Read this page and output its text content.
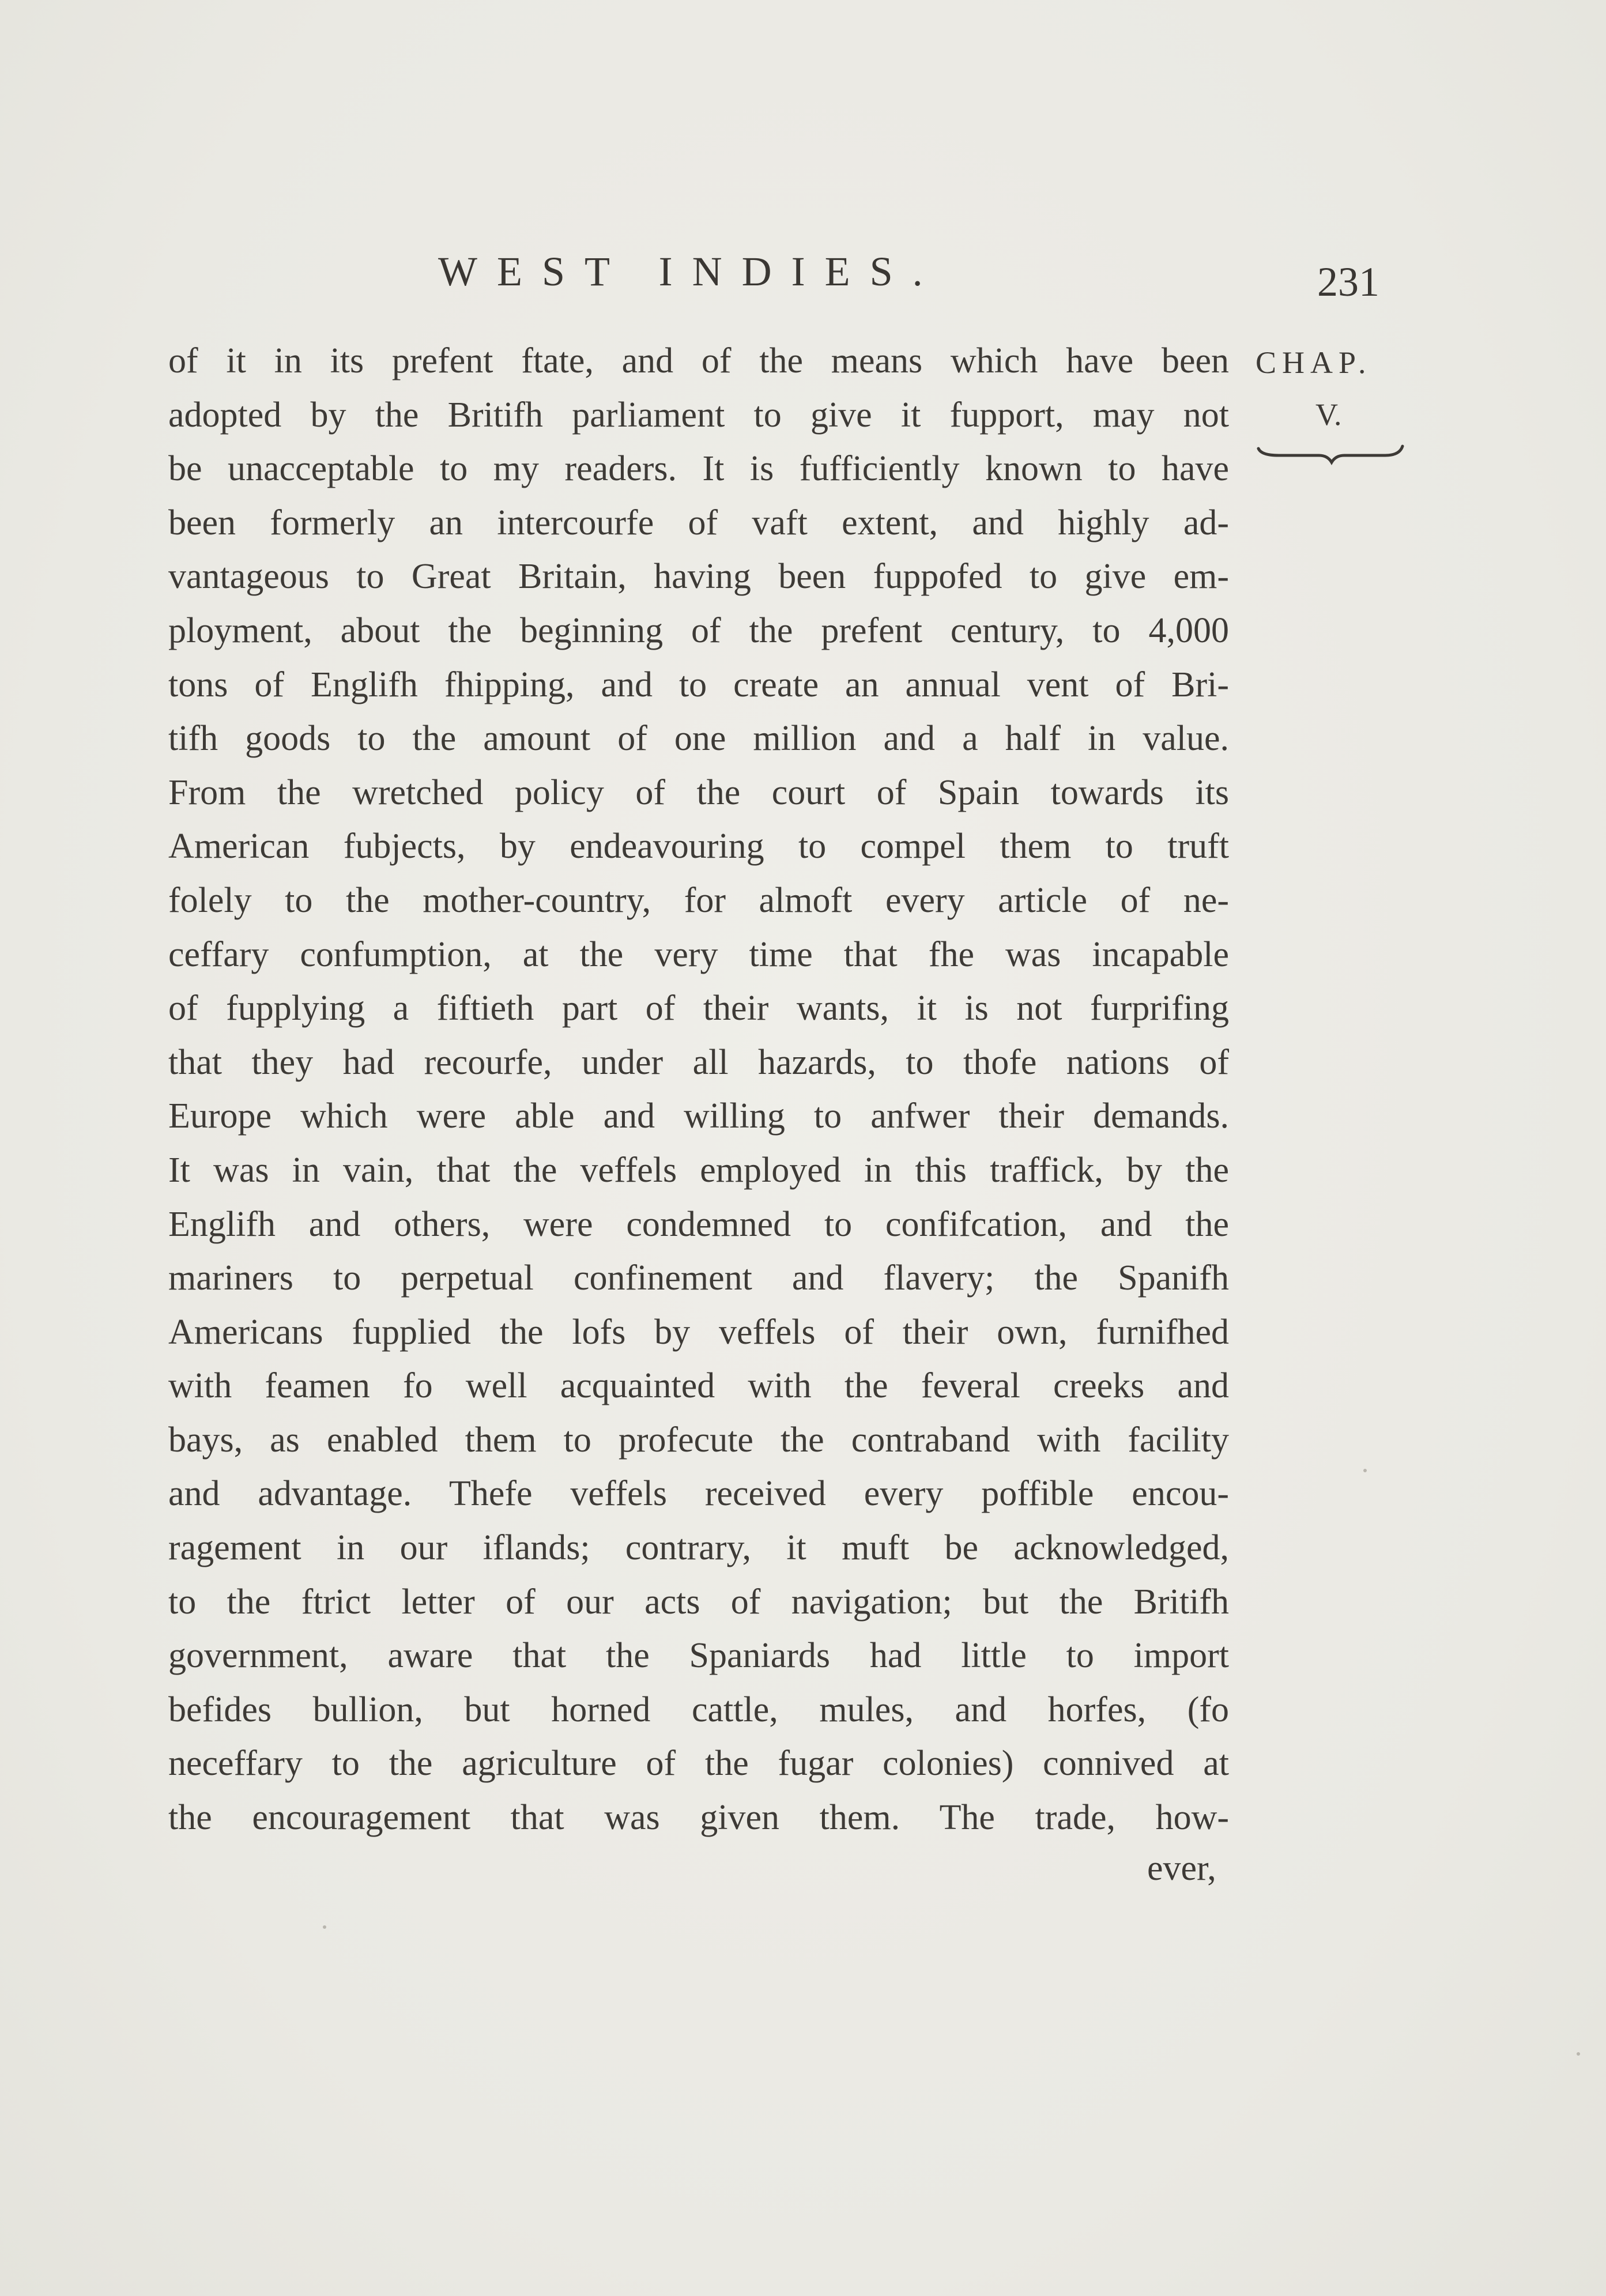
WEST INDIES.	231
CHAP.
V.
of it in its prefent ftate, and of the means which have been
adopted by the Britifh parliament to give it fupport, may not
be unacceptable to my readers. It is fufficiently known to have
been formerly an intercourfe of vaft extent, and highly ad-
vantageous to Great Britain, having been fuppofed to give em-
ployment, about the beginning of the prefent century, to 4,000
tons of Englifh fhipping, and to create an annual vent of Bri-
tifh goods to the amount of one million and a half in value.
From the wretched policy of the court of Spain towards its
American fubjects, by endeavouring to compel them to truft
folely to the mother-country, for almoft every article of ne-
ceffary confumption, at the very time that fhe was incapable
of fupplying a fiftieth part of their wants, it is not furprifing
that they had recourfe, under all hazards, to thofe nations of
Europe which were able and willing to anfwer their demands.
It was in vain, that the veffels employed in this traffick, by the
Englifh and others, were condemned to confifcation, and the
mariners to perpetual confinement and flavery; the Spanifh
Americans fupplied the lofs by veffels of their own, furnifhed
with feamen fo well acquainted with the feveral creeks and
bays, as enabled them to profecute the contraband with facility
and advantage. Thefe veffels received every poffible encou-
ragement in our iflands; contrary, it muft be acknowledged,
to the ftrict letter of our acts of navigation; but the Britifh
government, aware that the Spaniards had little to import
befides bullion, but horned cattle, mules, and horfes, (fo
neceffary to the agriculture of the fugar colonies) connived at
the encouragement that was given them. The trade, how-
ever,
